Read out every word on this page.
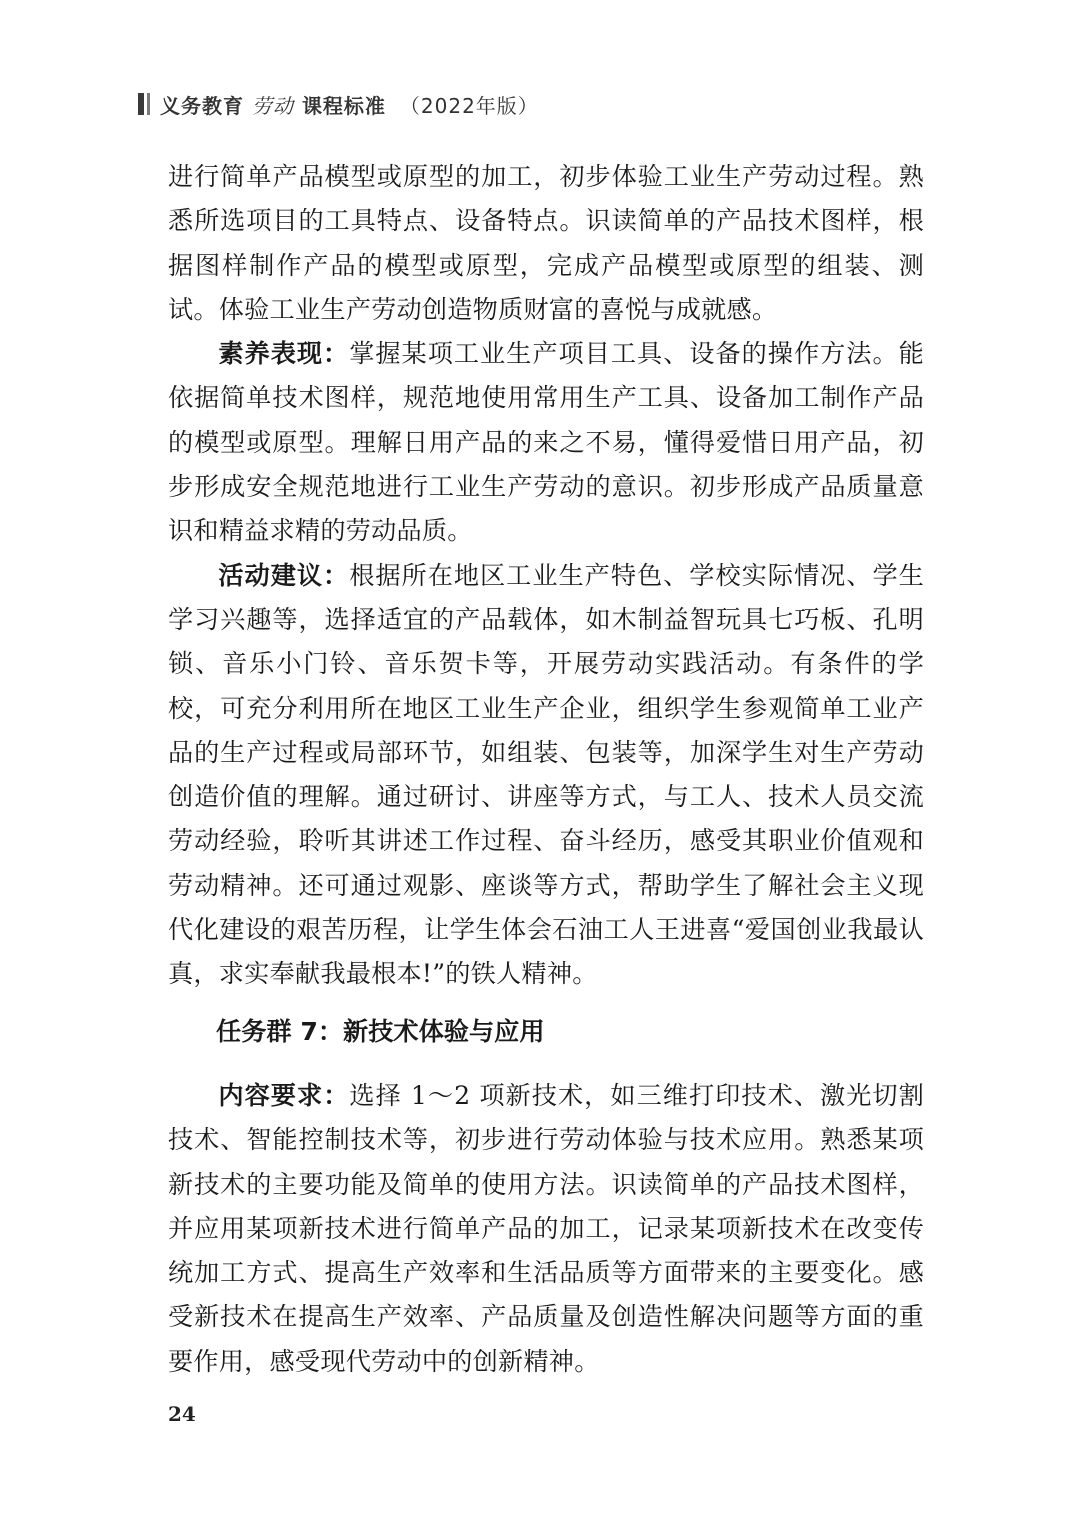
义务教育 劳动 课程标准 （2022年版）

进行简单产品模型或原型的加工，初步体验工业生产劳动过程。熟悉所选项目的工具特点、设备特点。识读简单的产品技术图样，根据图样制作产品的模型或原型，完成产品模型或原型的组装、测试。体验工业生产劳动创造物质财富的喜悦与成就感。

素养表现：掌握某项工业生产项目工具、设备的操作方法。能依据简单技术图样，规范地使用常用生产工具、设备加工制作产品的模型或原型。理解日用产品的来之不易，懂得爱惜日用产品，初步形成安全规范地进行工业生产劳动的意识。初步形成产品质量意识和精益求精的劳动品质。

活动建议：根据所在地区工业生产特色、学校实际情况、学生学习兴趣等，选择适宜的产品载体，如木制益智玩具七巧板、孔明锁、音乐小门铃、音乐贺卡等，开展劳动实践活动。有条件的学校，可充分利用所在地区工业生产企业，组织学生参观简单工业产品的生产过程或局部环节，如组装、包装等，加深学生对生产劳动创造价值的理解。通过研讨、讲座等方式，与工人、技术人员交流劳动经验，聆听其讲述工作过程、奋斗经历，感受其职业价值观和劳动精神。还可通过观影、座谈等方式，帮助学生了解社会主义现代化建设的艰苦历程，让学生体会石油工人王进喜“爱国创业我最认真，求实奉献我最根本!”的铁人精神。

任务群 7：新技术体验与应用

内容要求：选择 1～2 项新技术，如三维打印技术、激光切割技术、智能控制技术等，初步进行劳动体验与技术应用。熟悉某项新技术的主要功能及简单的使用方法。识读简单的产品技术图样，并应用某项新技术进行简单产品的加工，记录某项新技术在改变传统加工方式、提高生产效率和生活品质等方面带来的主要变化。感受新技术在提高生产效率、产品质量及创造性解决问题等方面的重要作用，感受现代劳动中的创新精神。

24
